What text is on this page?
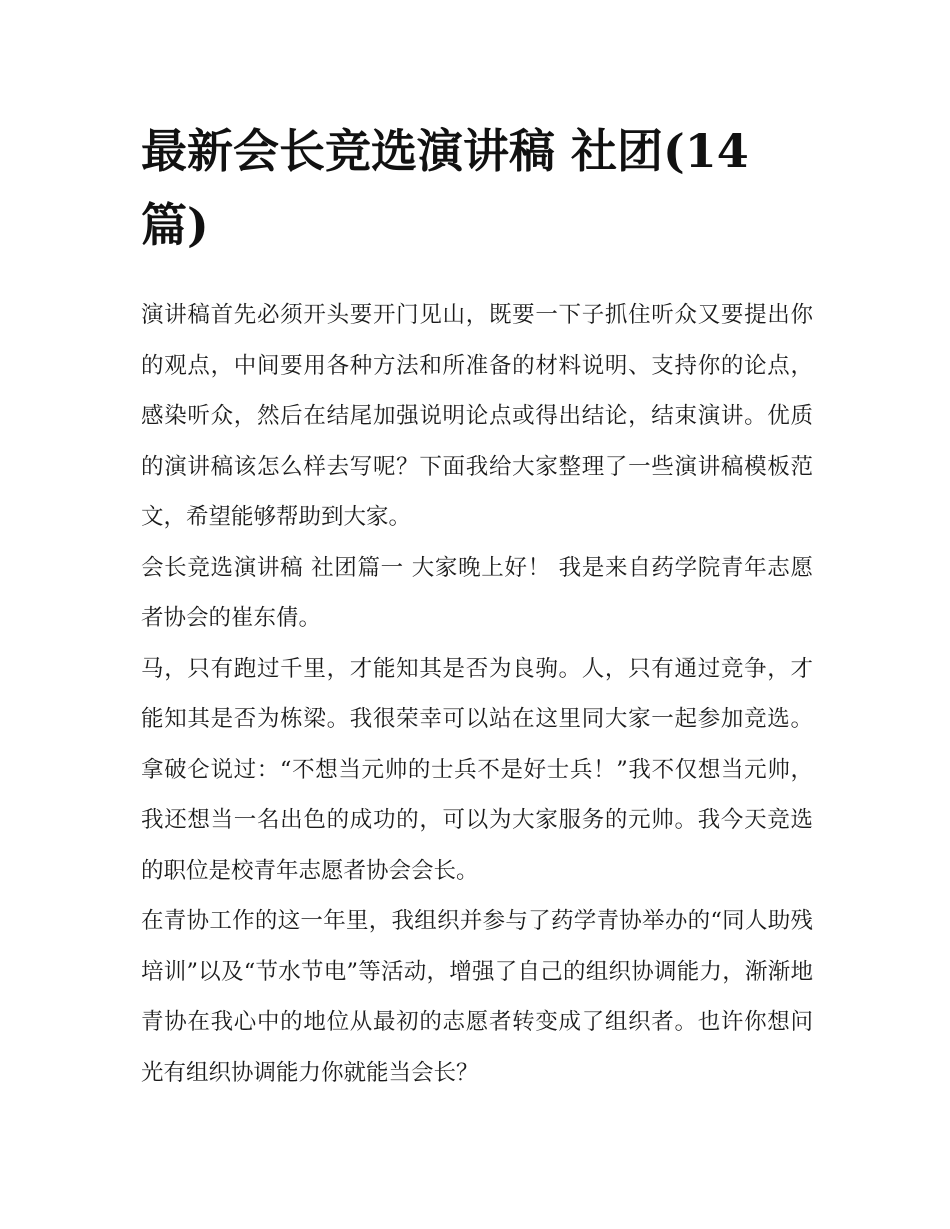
最新会长竞选演讲稿 社团(14篇)

演讲稿首先必须开头要开门见山，既要一下子抓住听众又要提出你的观点，中间要用各种方法和所准备的材料说明、支持你的论点，感染听众，然后在结尾加强说明论点或得出结论，结束演讲。优质的演讲稿该怎么样去写呢？下面我给大家整理了一些演讲稿模板范文，希望能够帮助到大家。

会长竞选演讲稿 社团篇一 大家晚上好！ 我是来自药学院青年志愿者协会的崔东倩。

马，只有跑过千里，才能知其是否为良驹。人，只有通过竞争，才能知其是否为栋梁。我很荣幸可以站在这里同大家一起参加竞选。拿破仑说过：“不想当元帅的士兵不是好士兵！”我不仅想当元帅，我还想当一名出色的成功的，可以为大家服务的元帅。我今天竞选的职位是校青年志愿者协会会长。

在青协工作的这一年里，我组织并参与了药学青协举办的“同人助残培训”以及“节水节电”等活动，增强了自己的组织协调能力，渐渐地青协在我心中的地位从最初的志愿者转变成了组织者。也许你想问光有组织协调能力你就能当会长？
